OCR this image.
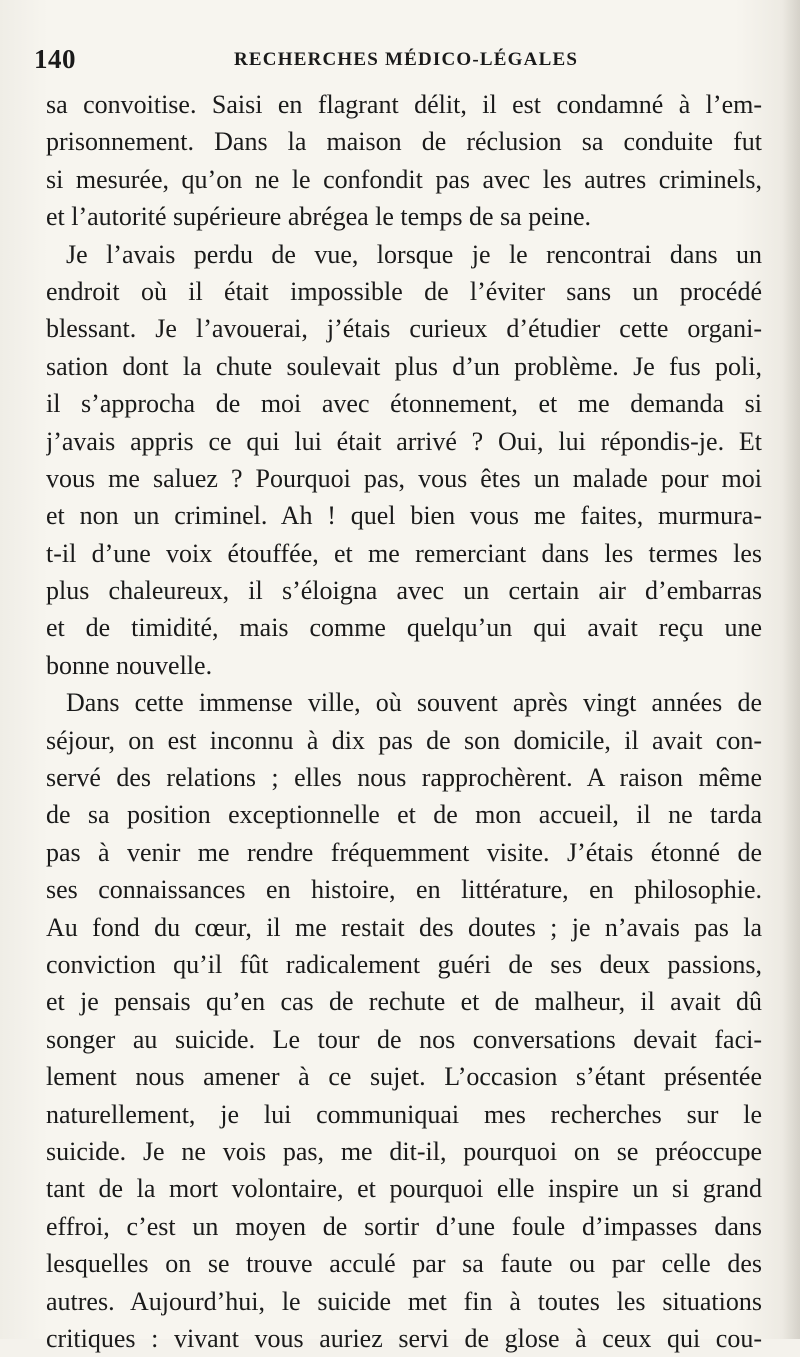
140	RECHERCHES MÉDICO-LÉGALES
sa convoitise. Saisi en flagrant délit, il est condamné à l’em-
prisonnement. Dans la maison de réclusion sa conduite fut
si mesurée, qu’on ne le confondit pas avec les autres criminels,
et l’autorité supérieure abrégea le temps de sa peine.
Je l’avais perdu de vue, lorsque je le rencontrai dans un
endroit où il était impossible de l’éviter sans un procédé
blessant. Je l’avouerai, j’étais curieux d’étudier cette organi-
sation dont la chute soulevait plus d’un problème. Je fus poli,
il s’approcha de moi avec étonnement, et me demanda si
j’avais appris ce qui lui était arrivé ? Oui, lui répondis-je. Et
vous me saluez ? Pourquoi pas, vous êtes un malade pour moi
et non un criminel. Ah ! quel bien vous me faites, murmura-
t-il d’une voix étouffée, et me remerciant dans les termes les
plus chaleureux, il s’éloigna avec un certain air d’embarras
et de timidité, mais comme quelqu’un qui avait reçu une
bonne nouvelle.
Dans cette immense ville, où souvent après vingt années de
séjour, on est inconnu à dix pas de son domicile, il avait con-
servé des relations ; elles nous rapprochèrent. A raison même
de sa position exceptionnelle et de mon accueil, il ne tarda
pas à venir me rendre fréquemment visite. J’étais étonné de
ses connaissances en histoire, en littérature, en philosophie.
Au fond du cœur, il me restait des doutes ; je n’avais pas la
conviction qu’il fût radicalement guéri de ses deux passions,
et je pensais qu’en cas de rechute et de malheur, il avait dû
songer au suicide. Le tour de nos conversations devait faci-
lement nous amener à ce sujet. L’occasion s’étant présentée
naturellement, je lui communiquai mes recherches sur le
suicide. Je ne vois pas, me dit-il, pourquoi on se préoccupe
tant de la mort volontaire, et pourquoi elle inspire un si grand
effroi, c’est un moyen de sortir d’une foule d’impasses dans
lesquelles on se trouve acculé par sa faute ou par celle des
autres. Aujourd’hui, le suicide met fin à toutes les situations
critiques : vivant vous auriez servi de glose à ceux qui cou-
